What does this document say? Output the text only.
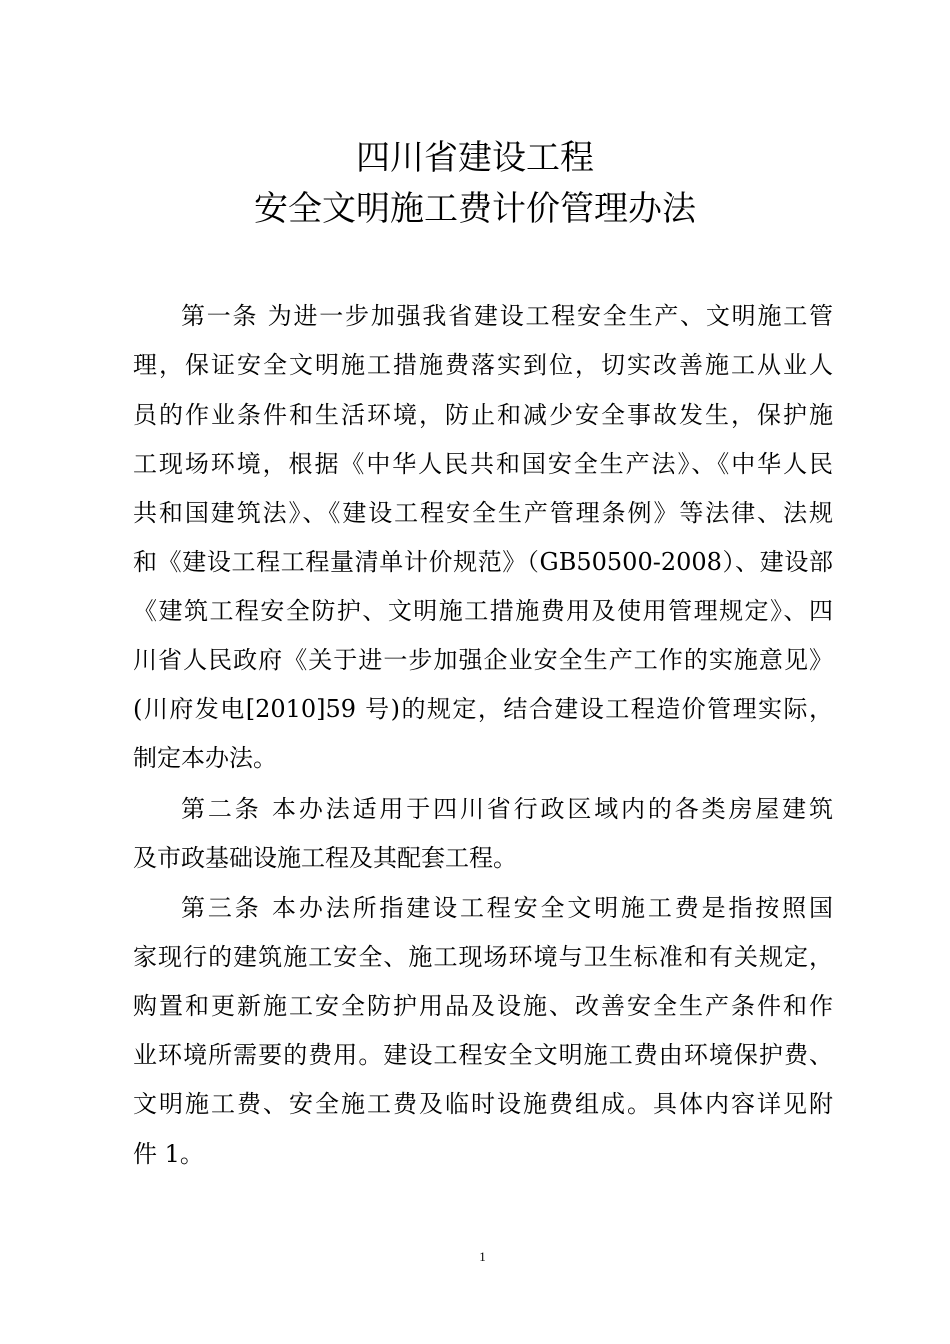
四川省建设工程
安全文明施工费计价管理办法
第一条 为进一步加强我省建设工程安全生产、文明施工管
理，保证安全文明施工措施费落实到位，切实改善施工从业人
员的作业条件和生活环境，防止和减少安全事故发生，保护施
工现场环境，根据《中华人民共和国安全生产法》、《中华人民
共和国建筑法》、《建设工程安全生产管理条例》等法律、法规
和《建设工程工程量清单计价规范》（GB50500-2008）、建设部
《建筑工程安全防护、文明施工措施费用及使用管理规定》、四
川省人民政府《关于进一步加强企业安全生产工作的实施意见》
(川府发电[2010]59 号)的规定，结合建设工程造价管理实际，
制定本办法。
第二条 本办法适用于四川省行政区域内的各类房屋建筑
及市政基础设施工程及其配套工程。
第三条 本办法所指建设工程安全文明施工费是指按照国
家现行的建筑施工安全、施工现场环境与卫生标准和有关规定，
购置和更新施工安全防护用品及设施、改善安全生产条件和作
业环境所需要的费用。建设工程安全文明施工费由环境保护费、
文明施工费、安全施工费及临时设施费组成。具体内容详见附
件 1。
1
